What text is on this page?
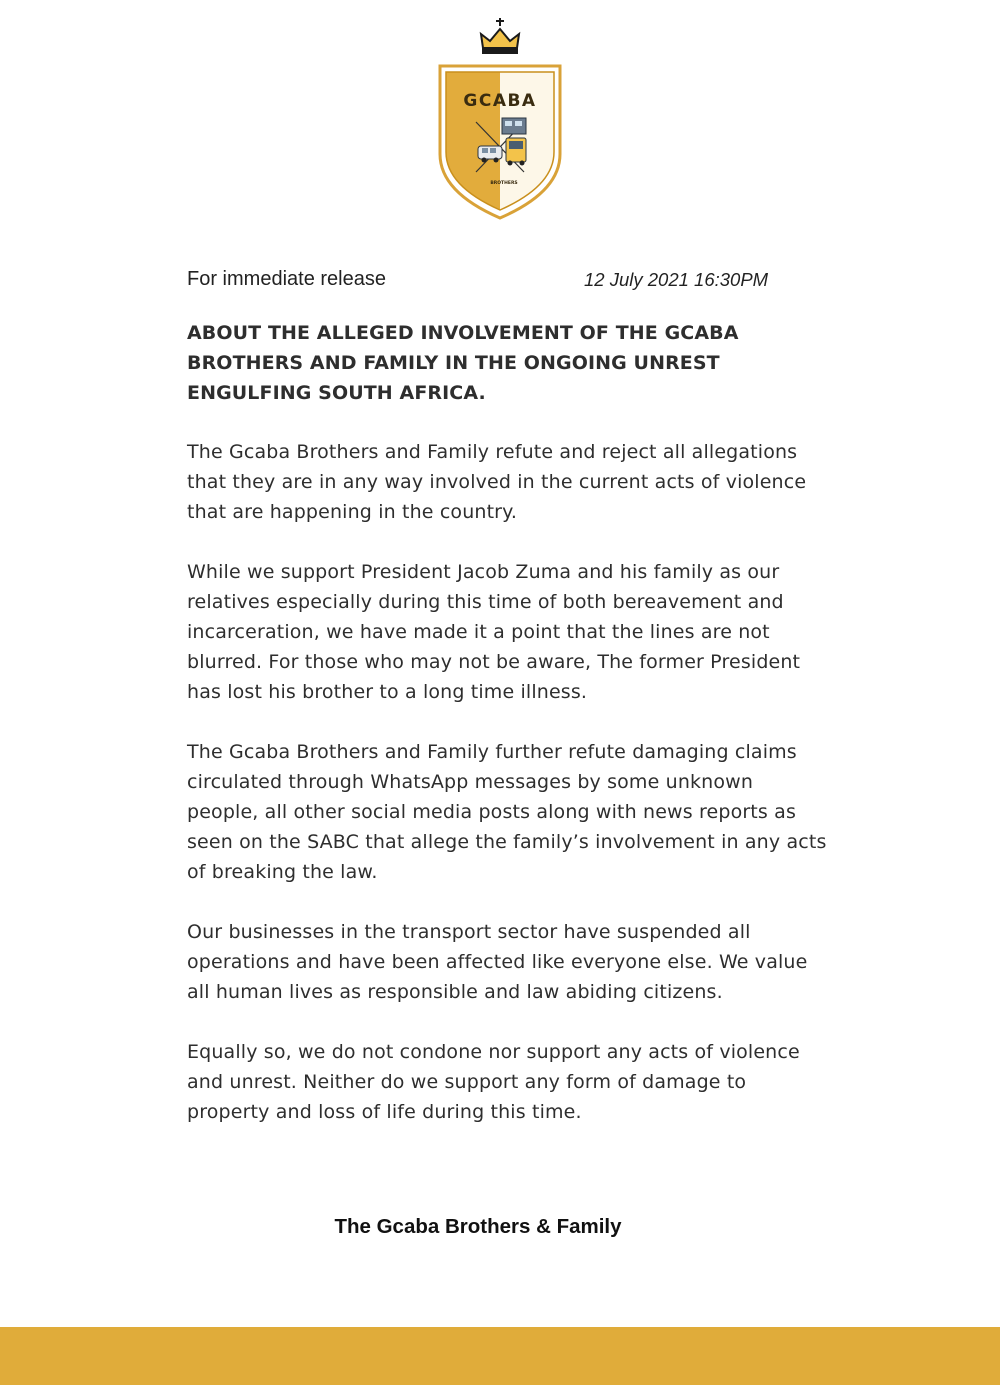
GCABA
BROTHERS
For immediate release	12 July 2021 16:30PM
ABOUT THE ALLEGED INVOLVEMENT OF THE GCABA BROTHERS AND FAMILY IN THE ONGOING UNREST ENGULFING SOUTH AFRICA.

The Gcaba Brothers and Family refute and reject all allegations that they are in any way involved in the current acts of violence that are happening in the country.

While we support President Jacob Zuma and his family as our relatives especially during this time of both bereavement and incarceration, we have made it a point that the lines are not blurred. For those who may not be aware, The former President has lost his brother to a long time illness.

The Gcaba Brothers and Family further refute damaging claims circulated through WhatsApp messages by some unknown people, all other social media posts along with news reports as seen on the SABC that allege the family’s involvement in any acts of breaking the law.

Our businesses in the transport sector have suspended all operations and have been affected like everyone else. We value all human lives as responsible and law abiding citizens.

Equally so, we do not condone nor support any acts of violence and unrest. Neither do we support any form of damage to property and loss of life during this time.

The Gcaba Brothers & Family
